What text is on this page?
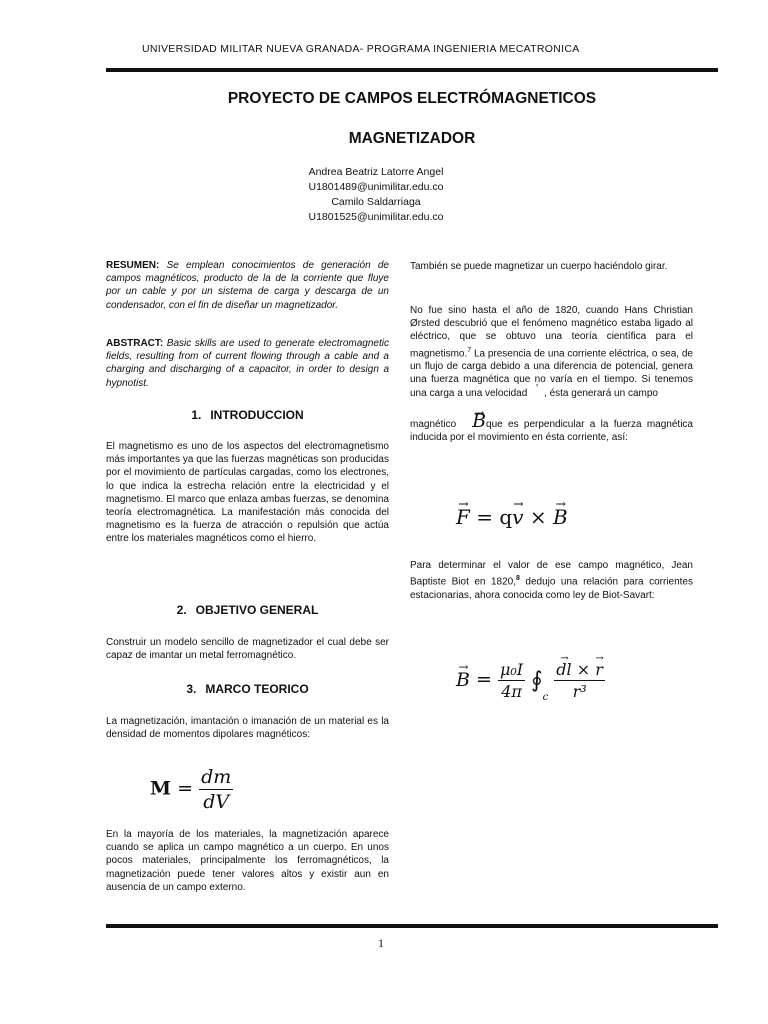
UNIVERSIDAD MILITAR NUEVA GRANADA- PROGRAMA INGENIERIA MECATRONICA
PROYECTO DE CAMPOS ELECTRÓMAGNETICOS
MAGNETIZADOR
Andrea Beatriz Latorre Angel
U1801489@unimilitar.edu.co
Camilo Saldarriaga
U1801525@unimilitar.edu.co

RESUMEN: Se emplean conocimientos de generación de campos magnéticos, producto de la de la corriente que fluye por un cable y por un sistema de carga y descarga de un condensador, con el fin de diseñar un magnetizador.

ABSTRACT: Basic skills are used to generate electromagnetic fields, resulting from of current flowing through a cable and a charging and discharging of a capacitor, in order to design a hypnotist.

1. INTRODUCCION

El magnetismo es uno de los aspectos del electromagnetismo más importantes ya que las fuerzas magnéticas son producidas por el movimiento de partículas cargadas, como los electrones, lo que indica la estrecha relación entre la electricidad y el magnetismo. El marco que enlaza ambas fuerzas, se denomina teoría electromagnética. La manifestación más conocida del magnetismo es la fuerza de atracción o repulsión que actúa entre los materiales magnéticos como el hierro.

2. OBJETIVO GENERAL

Construir un modelo sencillo de magnetizador el cual debe ser capaz de imantar un metal ferromagnético.

3. MARCO TEORICO

La magnetización, imantación o imanación de un material es la densidad de momentos dipolares magnéticos:

$M = \frac{dm}{dV}$

En la mayoría de los materiales, la magnetización aparece cuando se aplica un campo magnético a un cuerpo. En unos pocos materiales, principalmente los ferromagnéticos, la magnetización puede tener valores altos y existir aun en ausencia de un campo externo.

También se puede magnetizar un cuerpo haciéndolo girar.

No fue sino hasta el año de 1820, cuando Hans Christian Ørsted descubrió que el fenómeno magnético estaba ligado al eléctrico, que se obtuvo una teoría científica para el magnetismo.$^7$ La presencia de una corriente eléctrica, o sea, de un flujo de carga debido a una diferencia de potencial, genera una fuerza magnética que no varía en el tiempo. Si tenemos una carga a una velocidad ' , ésta generará un campo

magnético   → Bque es perpendicular a la fuerza magnética inducida por el movimiento en ésta corriente, así:

→ F = q→ v × → B

Para determinar el valor de ese campo magnético, Jean Baptiste Biot en 1820,$^8$ dedujo una relación para corrientes estacionarias, ahora conocida como ley de Biot-Savart:

→ $B = \frac{\text{μ₀I}}{4\pi}$ $∮_c$
→ $\frac{dl \times \to r}{\text{r³}}$
1
